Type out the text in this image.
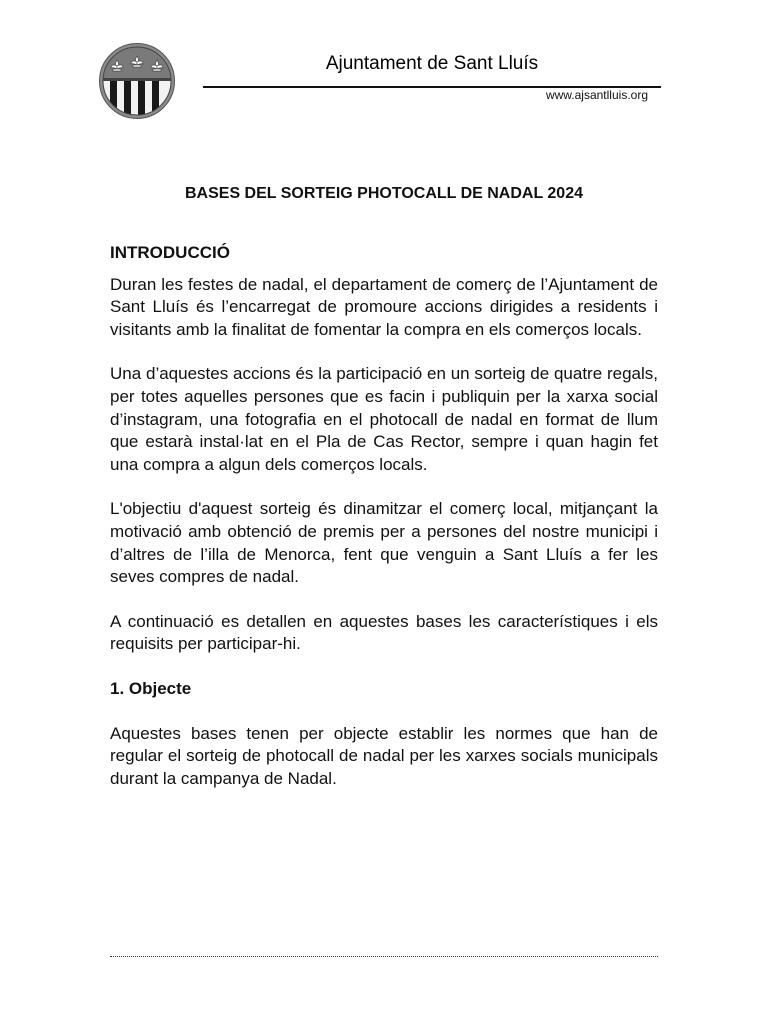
Ajuntament de Sant Lluís
www.ajsantlluis.org
BASES DEL SORTEIG PHOTOCALL DE NADAL 2024
INTRODUCCIÓ

Duran les festes de nadal, el departament de comerç de l’Ajuntament de Sant Lluís és l’encarregat de promoure accions dirigides a residents i visitants amb la finalitat de fomentar la compra en els comerços locals.

Una d’aquestes accions és la participació en un sorteig de quatre regals, per totes aquelles persones que es facin i publiquin per la xarxa social d’instagram, una fotografia en el photocall de nadal en format de llum que estarà instal·lat en el Pla de Cas Rector, sempre i quan hagin fet una compra a algun dels comerços locals.

L'objectiu d'aquest sorteig és dinamitzar el comerç local, mitjançant la motivació amb obtenció de premis per a persones del nostre municipi i d’altres de l’illa de Menorca, fent que venguin a Sant Lluís a fer les seves compres de nadal.

A continuació es detallen en aquestes bases les característiques i els requisits per participar-hi.

1. Objecte

Aquestes bases tenen per objecte establir les normes que han de regular el sorteig de photocall de nadal per les xarxes socials municipals durant la campanya de Nadal.
